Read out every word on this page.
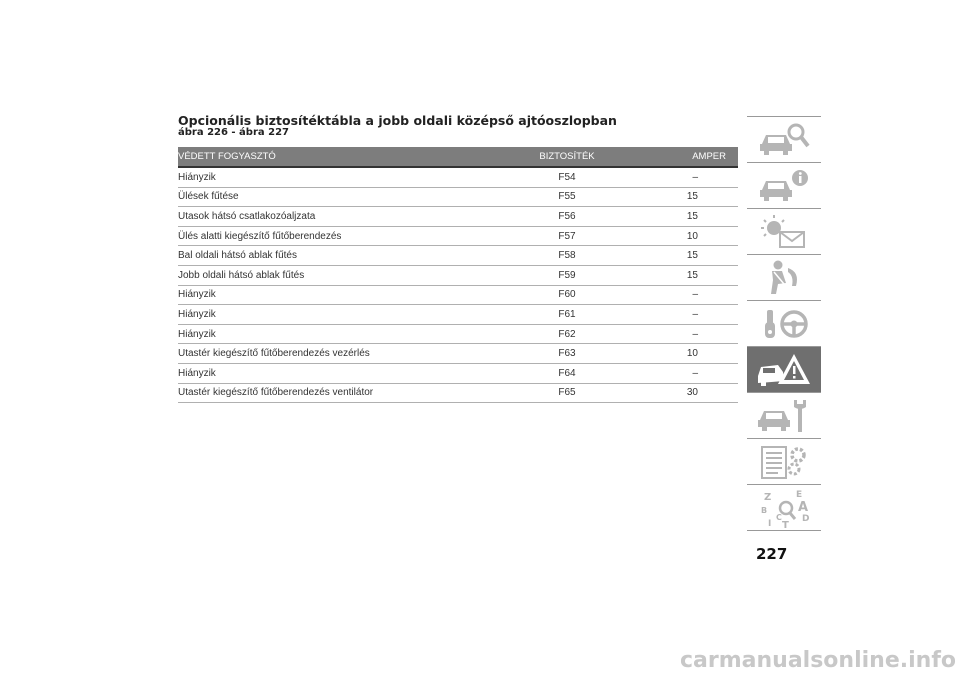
Opcionális biztosítéktábla a jobb oldali középső ajtóoszlopban
ábra 226 - ábra 227
VÉDETT FOGYASZTÓ	BIZTOSÍTÉK	AMPER
Hiányzik	F54	–
Ülések fűtése	F55	15
Utasok hátsó csatlakozóaljzata	F56	15
Ülés alatti kiegészítő fűtőberendezés	F57	10
Bal oldali hátsó ablak fűtés	F58	15
Jobb oldali hátsó ablak fűtés	F59	15
Hiányzik	F60	–
Hiányzik	F61	–
Hiányzik	F62	–
Utastér kiegészítő fűtőberendezés vezérlés	F63	10
Hiányzik	F64	–
Utastér kiegészítő fűtőberendezés ventilátor	F65	30
Z	E
B A
C D
I T
227
carmanualsonline.info
